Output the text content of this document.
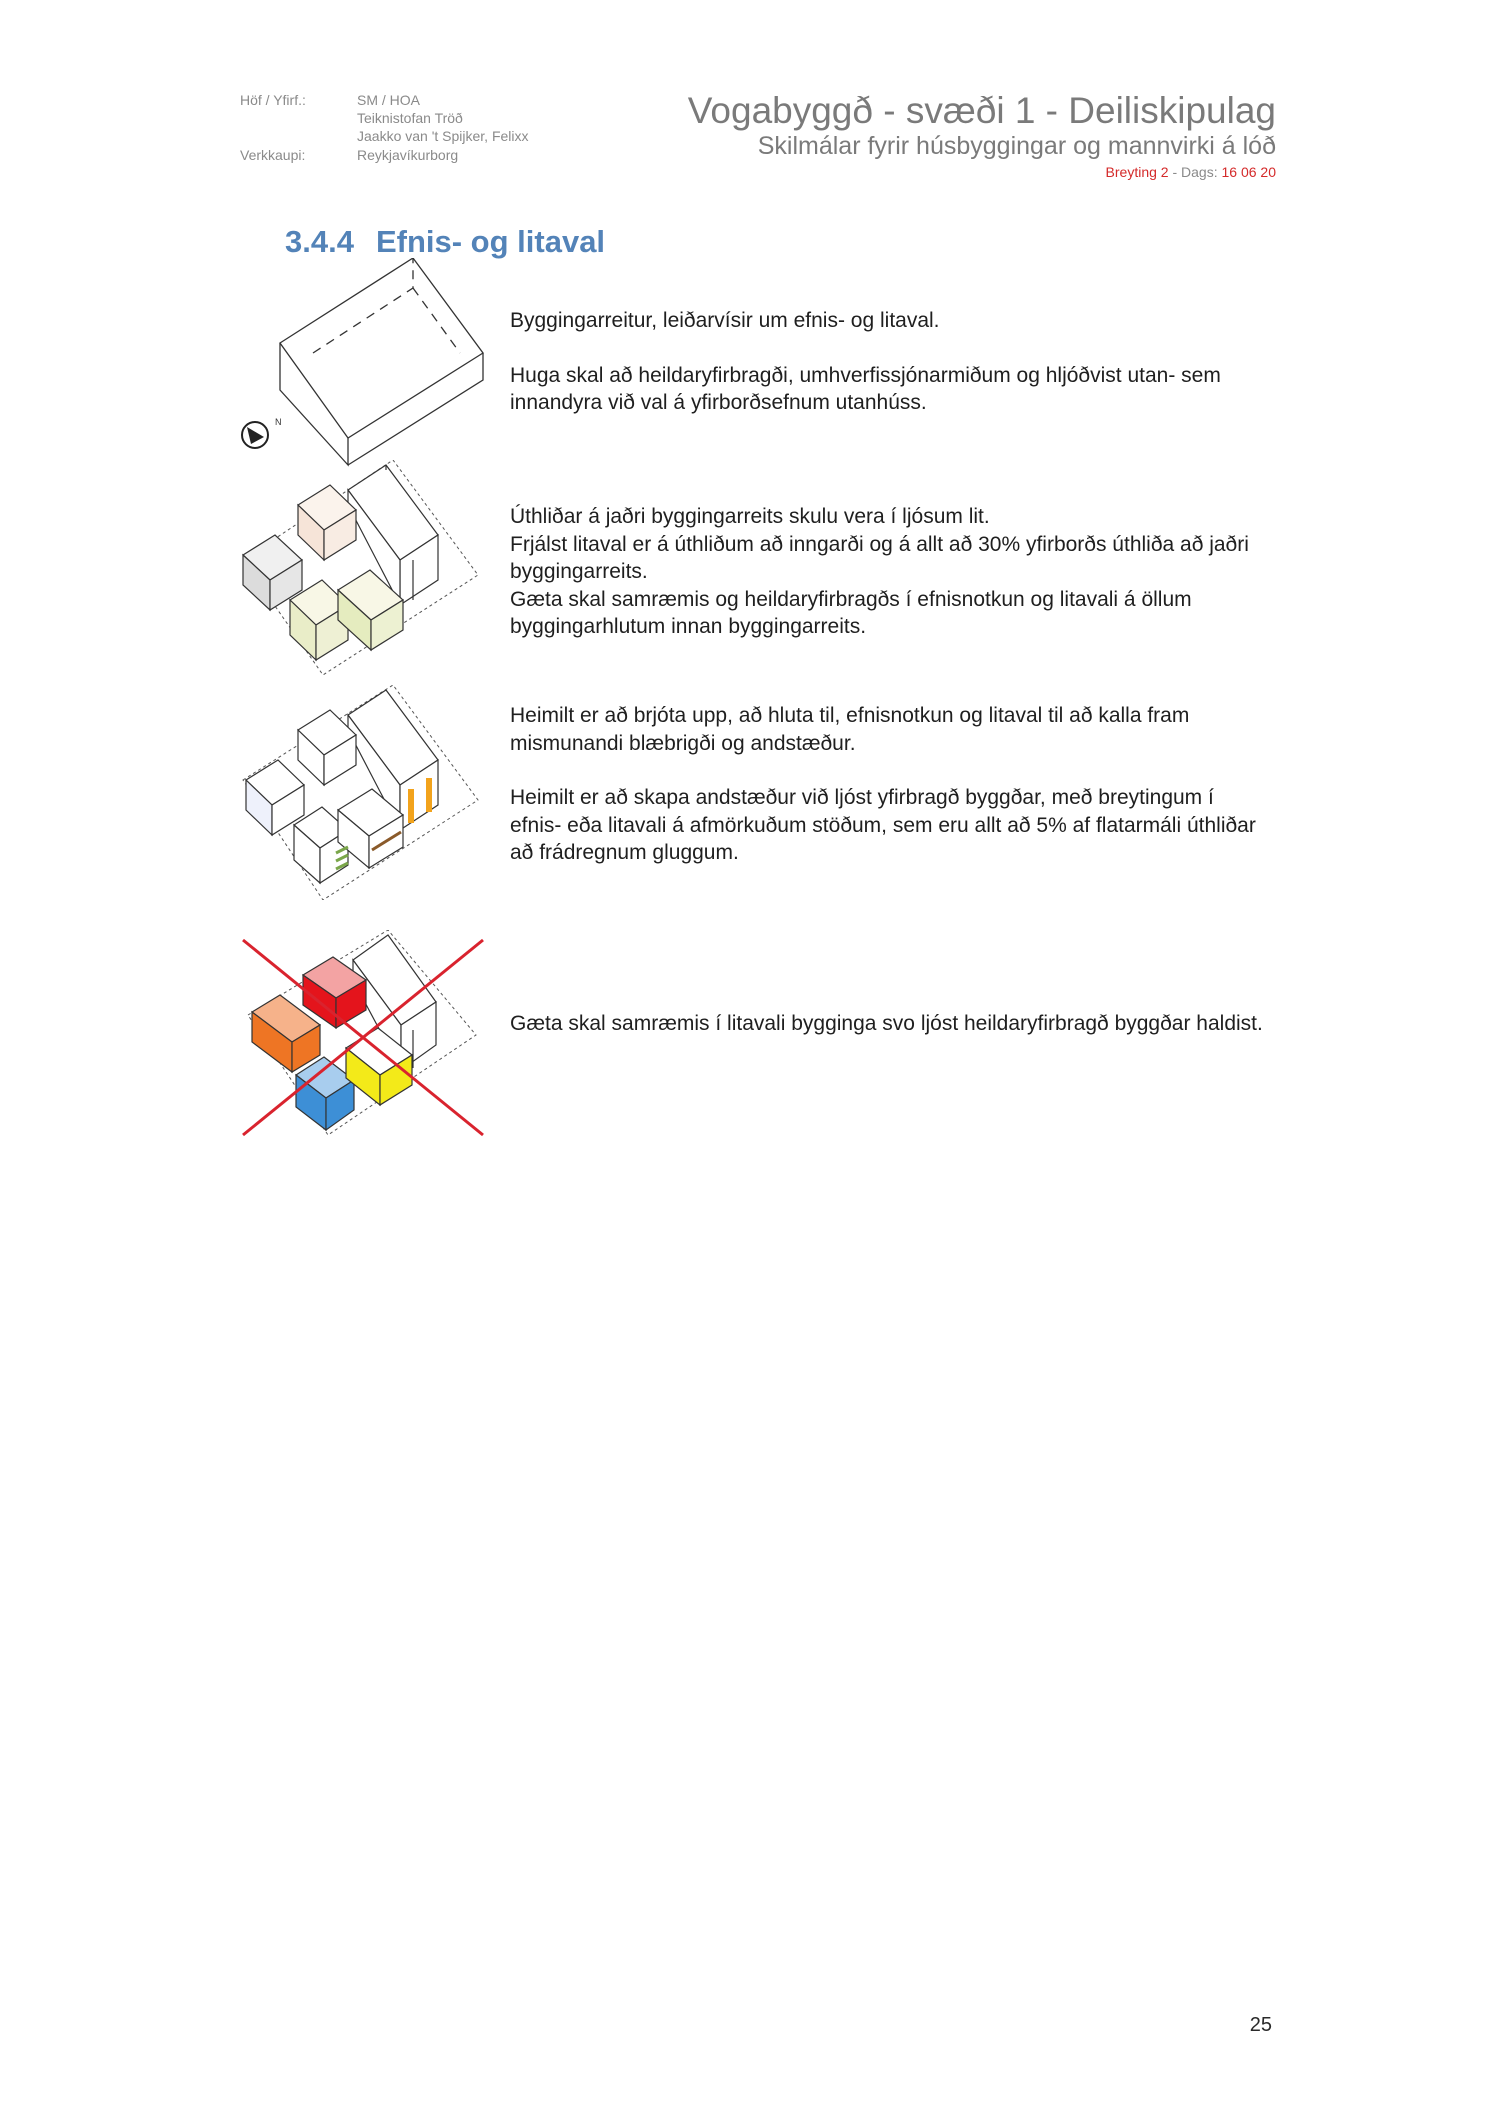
Höf / Yfirf.:	SM / HOA
Teiknistofan Tröð
Jaakko van 't Spijker, Felixx
Verkkaupi:	Reykjavíkurborg
Vogabyggð - svæði 1 - Deiliskipulag
Skilmálar fyrir húsbyggingar og mannvirki á lóð
Breyting 2 - Dags: 16 06 20
3.4.4 Efnis- og litaval
N

Byggingarreitur, leiðarvísir um efnis- og litaval.

Huga skal að heildaryfirbragði, umhverfissjónarmiðum og hljóðvist utan- sem innandyra við val á yfirborðsefnum utanhúss.

Úthliðar á jaðri byggingarreits skulu vera í ljósum lit.

Frjálst litaval er á úthliðum að inngarði og á allt að 30% yfirborðs úthliða að jaðri byggingarreits.

Gæta skal samræmis og heildaryfirbragðs í efnisnotkun og litavali á öllum byggingarhlutum innan byggingarreits.

Heimilt er að brjóta upp, að hluta til, efnisnotkun og litaval til að kalla fram mismunandi blæbrigði og andstæður.

Heimilt er að skapa andstæður við ljóst yfirbragð byggðar, með breytingum í efnis- eða litavali á afmörkuðum stöðum, sem eru allt að 5% af flatarmáli úthliðar að frádregnum gluggum.

Gæta skal samræmis í litavali bygginga svo ljóst heildaryfirbragð byggðar haldist.

25
